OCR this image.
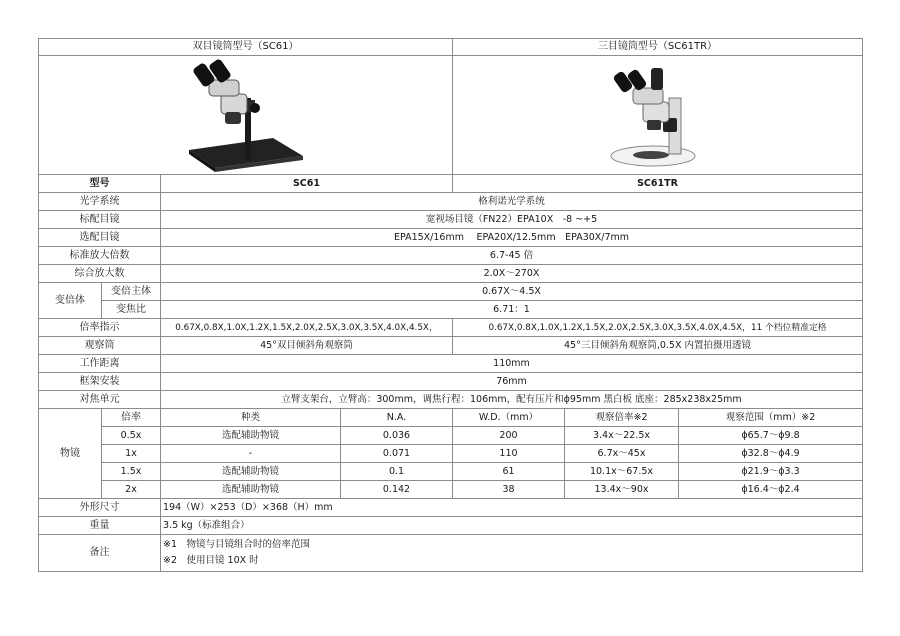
双目镜筒型号（SC61）				三目镜筒型号（SC61TR）		

型号		SC61		SC61TR		
光学系统		格利诺光学系统				
标配目镜		宽视场目镜（FN22）EPA10X　-8 ~+5				
选配目镜		EPA15X/16mm　 EPA20X/12.5mm　EPA30X/7mm				
标准放大倍数		6.7-45 倍				
综合放大数		2.0X～270X				
变倍体	变倍主体	0.67X～4.5X				
	变焦比	6.71：1				
倍率指示		0.67X,0.8X,1.0X,1.2X,1.5X,2.0X,2.5X,3.0X,3.5X,4.0X,4.5X，		0.67X,0.8X,1.0X,1.2X,1.5X,2.0X,2.5X,3.0X,3.5X,4.0X,4.5X，11 个档位精准定格		
观察筒		45°双目倾斜角观察筒		45°三目倾斜角观察筒,0.5X 内置拍摄用透镜		
工作距离		110mm				
框架安装		76mm				
对焦单元		立臂支架台，立臂高：300mm，调焦行程：106mm，配有压片和ϕ95mm 黑白板 底座：285x238x25mm				
物镜	倍率	种类	N.A.	W.D.（mm）	观察倍率※2	观察范围（mm）※2
	0.5x	选配辅助物镜	0.036	200	3.4x～22.5x	ϕ65.7～ϕ9.8
	1x	-	0.071	110	6.7x～45x	ϕ32.8～ϕ4.9
	1.5x	选配辅助物镜	0.1	61	10.1x～67.5x	ϕ21.9～ϕ3.3
	2x	选配辅助物镜	0.142	38	13.4x～90x	ϕ16.4～ϕ2.4
外形尺寸		194（W）×253（D）×368（H）mm				
重量		3.5 kg（标准组合）				
备注		※1　物镜与目镜组合时的倍率范围
※2　使用目镜 10X 时				
